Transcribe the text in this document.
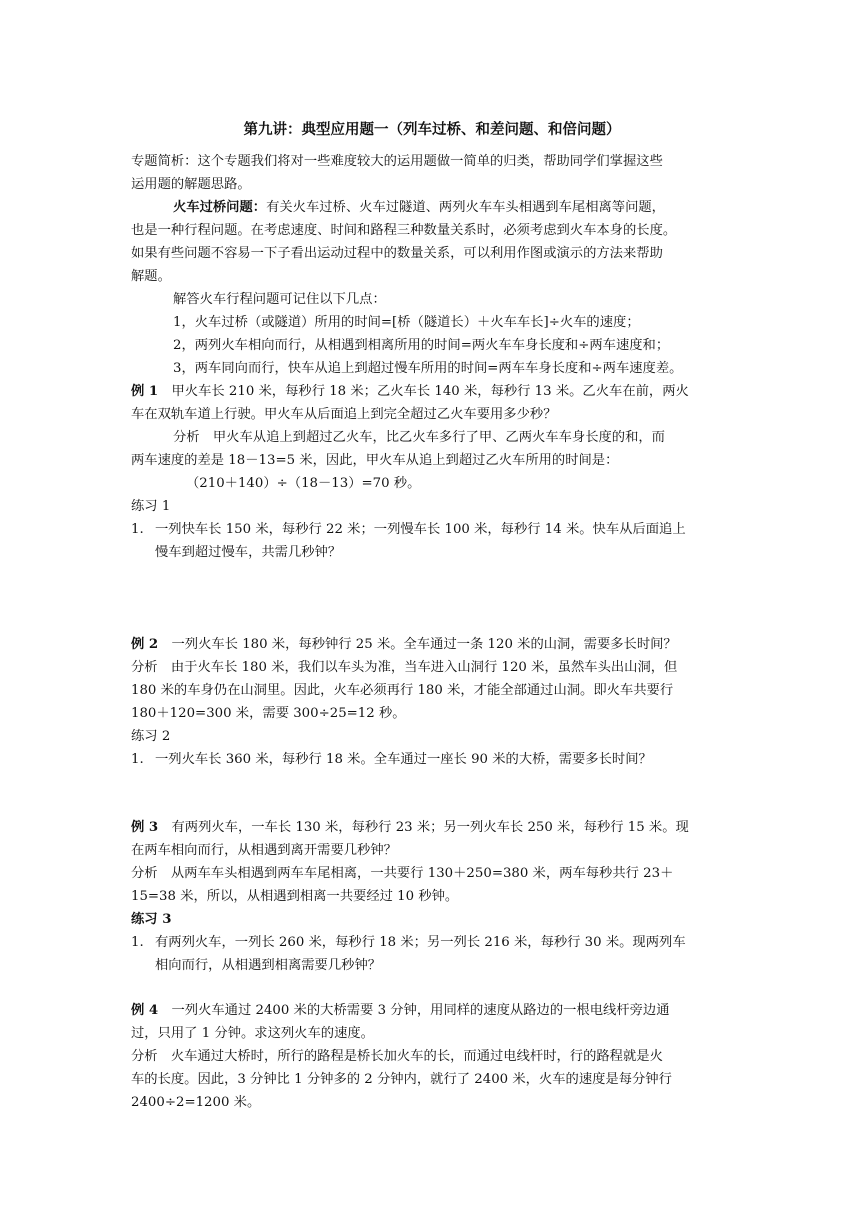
第九讲：典型应用题一（列车过桥、和差问题、和倍问题）
专题简析：这个专题我们将对一些难度较大的运用题做一简单的归类，帮助同学们掌握这些
运用题的解题思路。
火车过桥问题：有关火车过桥、火车过隧道、两列火车车头相遇到车尾相离等问题，
也是一种行程问题。在考虑速度、时间和路程三种数量关系时，必须考虑到火车本身的长度。
如果有些问题不容易一下子看出运动过程中的数量关系，可以利用作图或演示的方法来帮助
解题。
解答火车行程问题可记住以下几点：
1，火车过桥（或隧道）所用的时间=[桥（隧道长）＋火车车长]÷火车的速度；
2，两列火车相向而行，从相遇到相离所用的时间=两火车车身长度和÷两车速度和；
3，两车同向而行，快车从追上到超过慢车所用的时间=两车车身长度和÷两车速度差。
例 1　 甲火车长 210 米，每秒行 18 米；乙火车长 140 米，每秒行 13 米。乙火车在前，两火
车在双轨车道上行驶。甲火车从后面追上到完全超过乙火车要用多少秒？
分析　甲火车从追上到超过乙火车，比乙火车多行了甲、乙两火车车身长度的和，而
两车速度的差是 18－13=5 米，因此，甲火车从追上到超过乙火车所用的时间是：
（210＋140）÷（18－13）=70 秒。
练习 1
1. 一列快车长 150 米，每秒行 22 米；一列慢车长 100 米，每秒行 14 米。快车从后面追上
慢车到超过慢车，共需几秒钟？
例 2　 一列火车长 180 米，每秒钟行 25 米。全车通过一条 120 米的山洞，需要多长时间？
分析　由于火车长 180 米，我们以车头为准，当车进入山洞行 120 米，虽然车头出山洞，但
180 米的车身仍在山洞里。因此，火车必须再行 180 米，才能全部通过山洞。即火车共要行
180＋120=300 米，需要 300÷25=12 秒。
练习 2
1. 一列火车长 360 米，每秒行 18 米。全车通过一座长 90 米的大桥，需要多长时间？
例 3　 有两列火车，一车长 130 米，每秒行 23 米；另一列火车长 250 米，每秒行 15 米。现
在两车相向而行，从相遇到离开需要几秒钟？
分析　从两车车头相遇到两车车尾相离，一共要行 130＋250=380 米，两车每秒共行 23＋
15=38 米，所以，从相遇到相离一共要经过 10 秒钟。
练习 3
1. 有两列火车，一列长 260 米，每秒行 18 米；另一列长 216 米，每秒行 30 米。现两列车
相向而行，从相遇到相离需要几秒钟？
例 4　 一列火车通过 2400 米的大桥需要 3 分钟，用同样的速度从路边的一根电线杆旁边通
过，只用了 1 分钟。求这列火车的速度。
分析　火车通过大桥时，所行的路程是桥长加火车的长，而通过电线杆时，行的路程就是火
车的长度。因此，3 分钟比 1 分钟多的 2 分钟内，就行了 2400 米，火车的速度是每分钟行
2400÷2=1200 米。
